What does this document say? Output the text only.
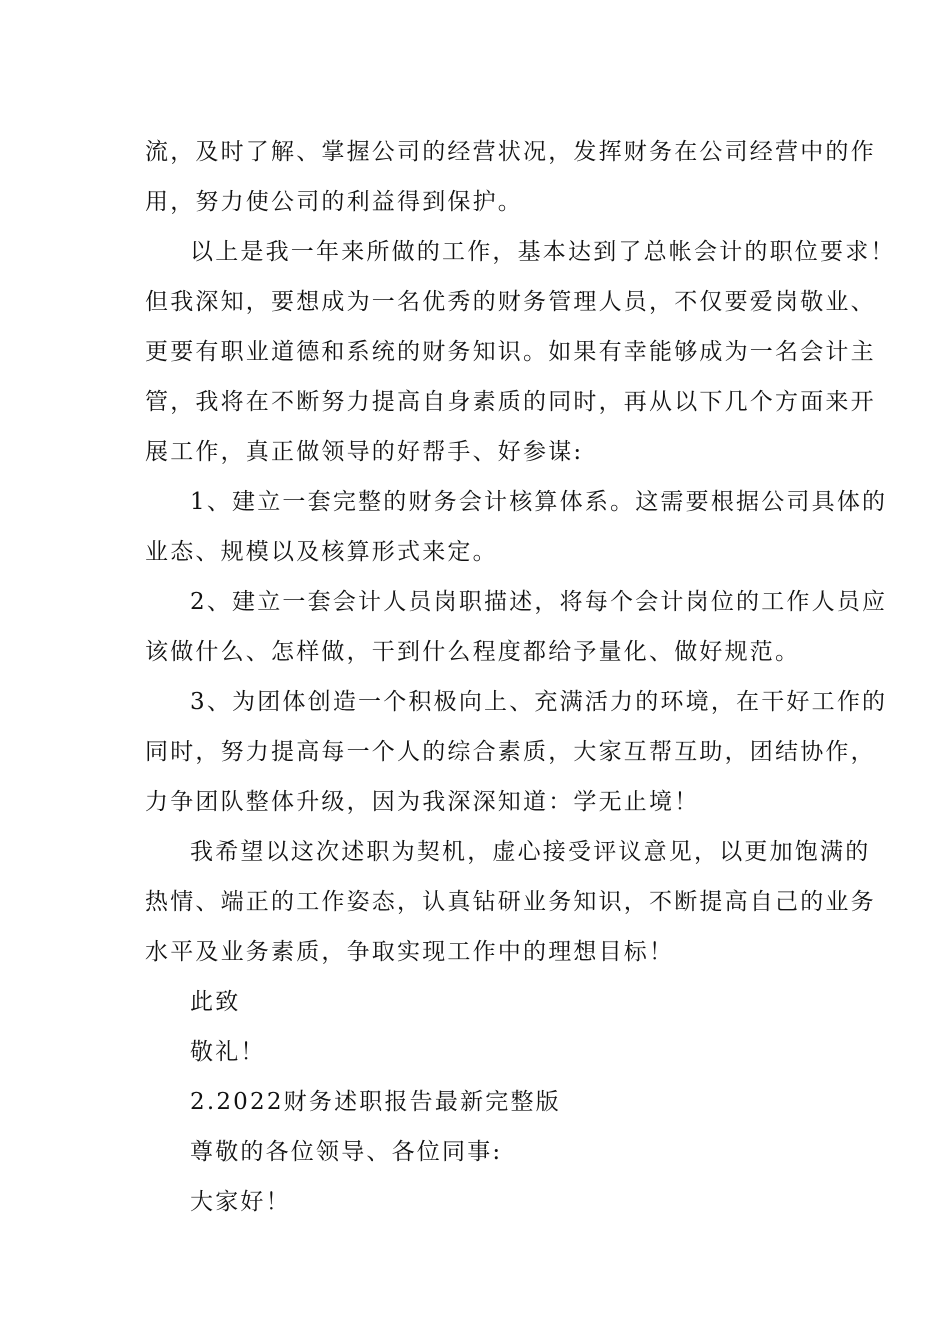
流，及时了解、掌握公司的经营状况，发挥财务在公司经营中的作
用，努力使公司的利益得到保护。
以上是我一年来所做的工作，基本达到了总帐会计的职位要求！
但我深知，要想成为一名优秀的财务管理人员，不仅要爱岗敬业、
更要有职业道德和系统的财务知识。如果有幸能够成为一名会计主
管，我将在不断努力提高自身素质的同时，再从以下几个方面来开
展工作，真正做领导的好帮手、好参谋:
1、建立一套完整的财务会计核算体系。这需要根据公司具体的
业态、规模以及核算形式来定。
2、建立一套会计人员岗职描述，将每个会计岗位的工作人员应
该做什么、怎样做，干到什么程度都给予量化、做好规范。
3、为团体创造一个积极向上、充满活力的环境，在干好工作的
同时，努力提高每一个人的综合素质，大家互帮互助，团结协作，
力争团队整体升级，因为我深深知道：学无止境！
我希望以这次述职为契机，虚心接受评议意见，以更加饱满的
热情、端正的工作姿态，认真钻研业务知识，不断提高自己的业务
水平及业务素质，争取实现工作中的理想目标！
此致
敬礼！
2.2022财务述职报告最新完整版
尊敬的各位领导、各位同事:
大家好！
